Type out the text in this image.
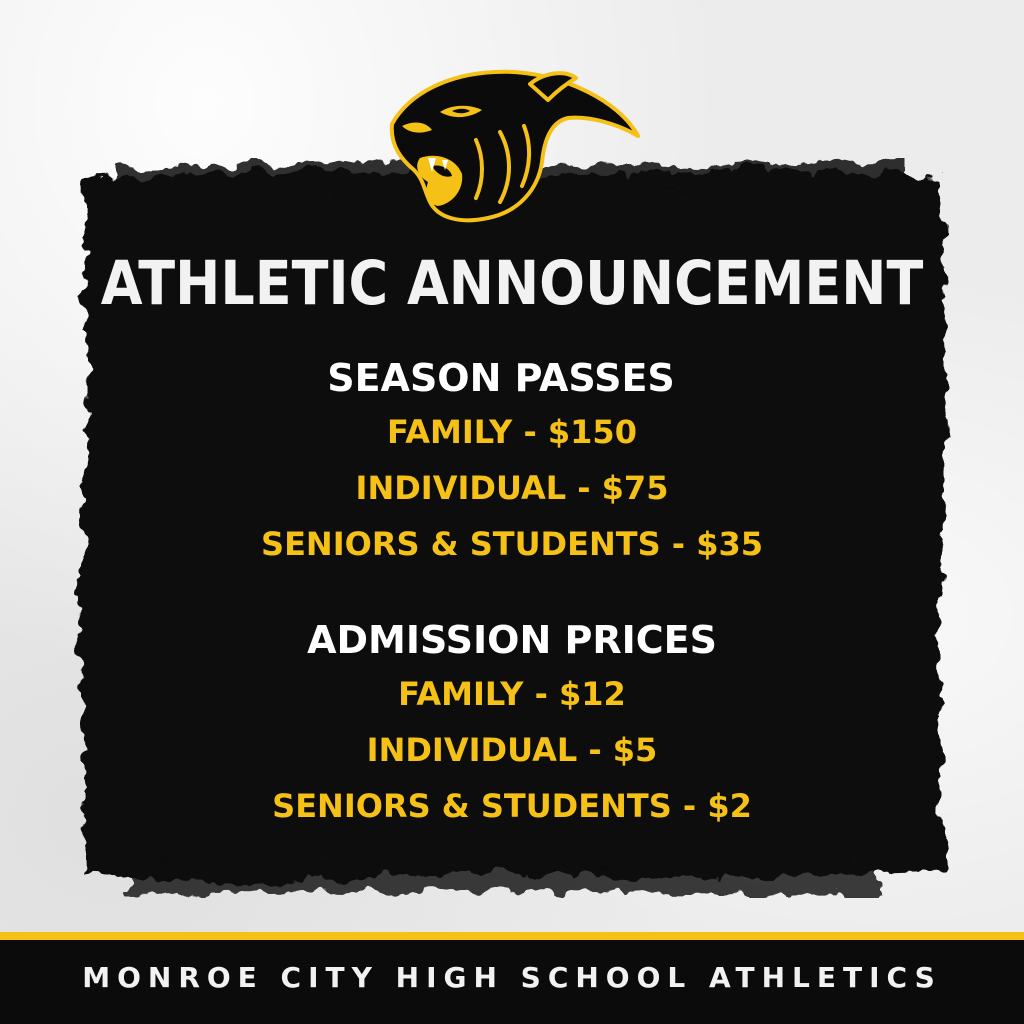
ATHLETIC ANNOUNCEMENT
SEASON PASSES
FAMILY - $150
INDIVIDUAL - $75
SENIORS & STUDENTS - $35
ADMISSION PRICES
FAMILY - $12
INDIVIDUAL - $5
SENIORS & STUDENTS - $2
MONROE CITY HIGH SCHOOL ATHLETICS
